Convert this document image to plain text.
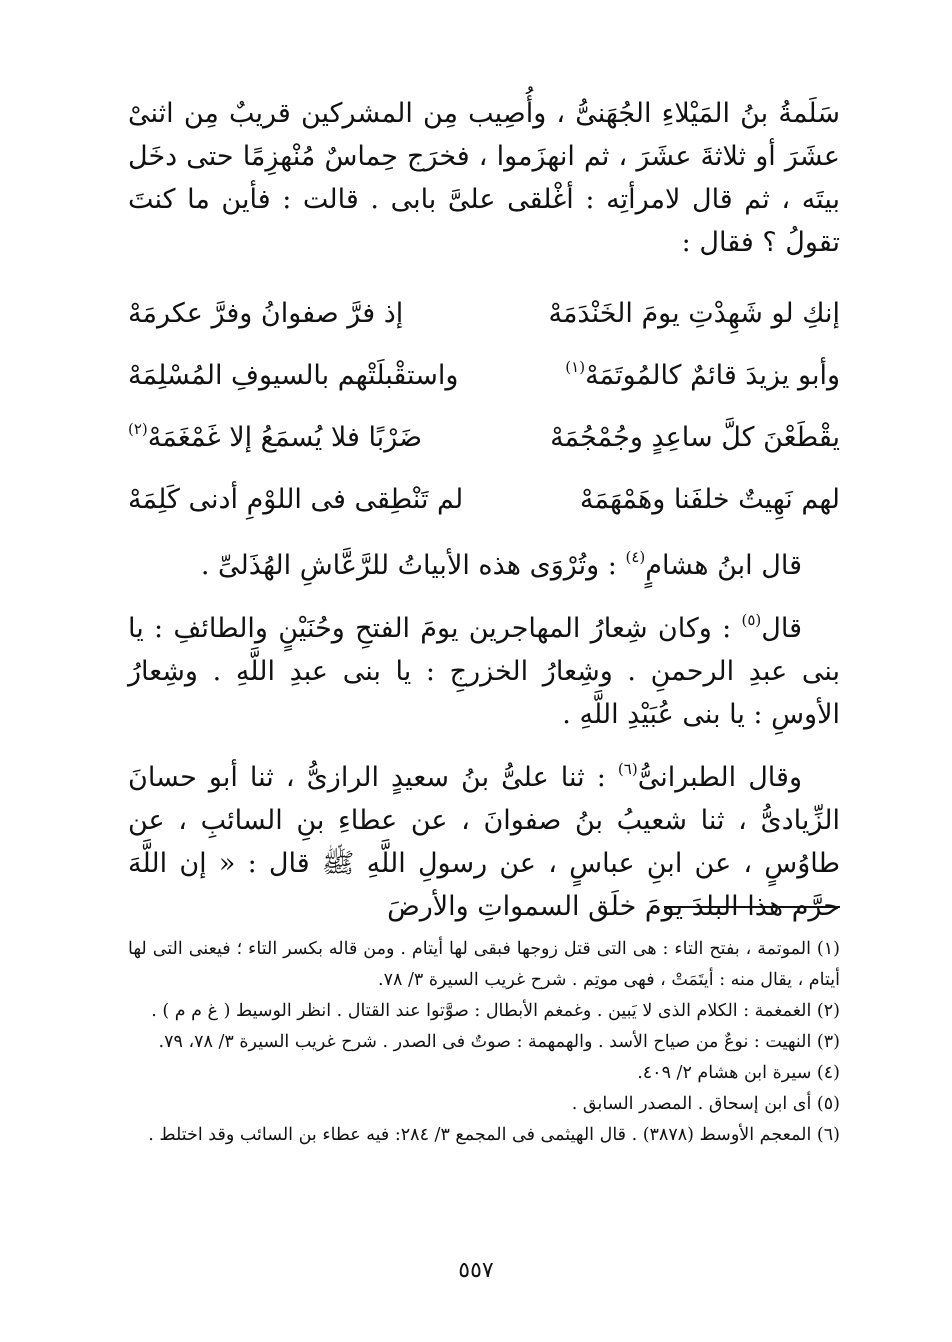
سَلَمةُ بنُ المَيْلاءِ الجُهَنىُّ ، وأُصِيب مِن المشركين قريبٌ مِن اثنىْ عشَرَ أو ثلاثةَ عشَرَ ، ثم انهزَموا ، فخرَج حِماسٌ مُنْهزِمًا حتى دخَل بيتَه ، ثم قال لامرأتِه : أغْلقى علىَّ بابى . قالت : فأين ما كنتَ تقولُ ؟ فقال :

إنكِ لو شَهِدْتِ يومَ الخَنْدَمَهْ
إذ فرَّ صفوانُ وفرَّ عكرمَهْ
وأبو يزيدَ قائمٌ كالمُوتَمَهْ$^{(١)}$
واستقْبلَتْهم بالسيوفِ المُسْلِمَهْ
يقْطَعْنَ كلَّ ساعِدٍ وجُمْجُمَهْ
ضَرْبًا فلا يُسمَعُ إلا غَمْغَمَهْ$^{(٢)}$
لهم نَهِيتٌ خلفَنا وهَمْهَمَهْ
لم تَنْطِقى فى اللوْمِ أدنى كَلِمَهْ

قال ابنُ هشامٍ$^{(٤)}$ : وتُرْوَى هذه الأبياتُ للرَّعَّاشِ الهُذَلىِّ .

قال$^{(٥)}$ : وكان شِعارُ المهاجرين يومَ الفتحِ وحُنَيْنٍ والطائفِ : يا بنى عبدِ الرحمنِ . وشِعارُ الخزرجِ : يا بنى عبدِ اللَّهِ . وشِعارُ الأوسِ : يا بنى عُبَيْدِ اللَّهِ .

وقال الطبرانىُّ$^{(٦)}$ : ثنا علىُّ بنُ سعيدٍ الرازىُّ ، ثنا أبو حسانَ الزِّيادىُّ ، ثنا شعيبُ بنُ صفوانَ ، عن عطاءِ بنِ السائبِ ، عن طاوُسٍ ، عن ابنِ عباسٍ ، عن رسولِ اللَّهِ ﷺ قال : « إن اللَّهَ حرَّم هذا البلدَ يومَ خلَق السمواتِ والأرضَ

(١) الموتمة ، بفتح التاء : هى التى قتل زوجها فبقى لها أيتام . ومن قاله بكسر التاء ؛ فيعنى التى لها أيتام ، يقال منه : أيتَمَتْ ، فهى موتِم . شرح غريب السيرة ٣/ ٧٨.

(٢) الغمغمة : الكلام الذى لا يَبين . وغمغم الأبطال : صوَّتوا عند القتال . انظر الوسيط ( غ م م ) .

(٣) النهيت : نوعٌ من صياح الأسد . والهمهمة : صوتٌ فى الصدر . شرح غريب السيرة ٣/ ٧٨، ٧٩.

(٤) سيرة ابن هشام ٢/ ٤٠٩.

(٥) أى ابن إسحاق . المصدر السابق .

(٦) المعجم الأوسط (٣٨٧٨) . قال الهيثمى فى المجمع ٣/ ٢٨٤: فيه عطاء بن السائب وقد اختلط .

٥٥٧
